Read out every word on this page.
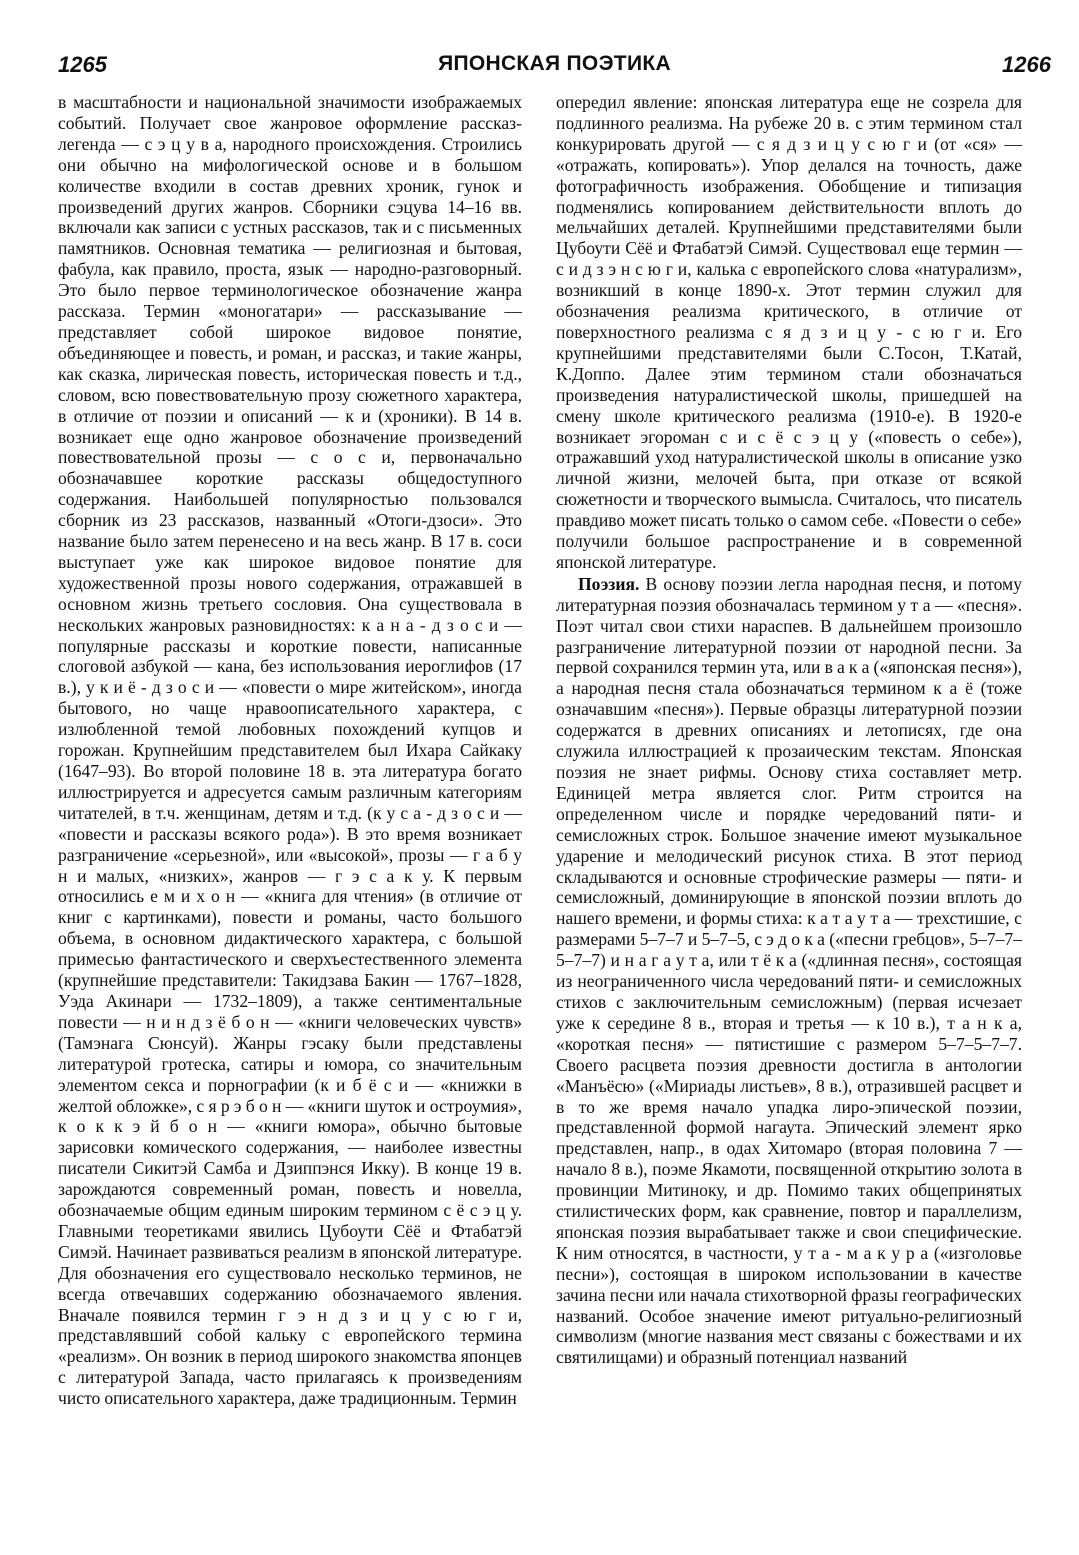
1265	ЯПОНСКАЯ ПОЭТИКА	1266

в масштабности и национальной значимости изображаемых событий. Получает свое жанровое оформление рассказ-легенда — с э ц у в а, народного происхождения. Строились они обычно на мифологической основе и в большом количестве входили в состав древних хроник, гунок и произведений других жанров. Сборники сэцува 14–16 вв. включали как записи с устных рассказов, так и с письменных памятников. Основная тематика — религиозная и бытовая, фабула, как правило, проста, язык — народно-разговорный. Это было первое терминологическое обозначение жанра рассказа. Термин «моногатари» — рассказывание — представляет собой широкое видовое понятие, объединяющее и повесть, и роман, и рассказ, и такие жанры, как сказка, лирическая повесть, историческая повесть и т.д., словом, всю повествовательную прозу сюжетного характера, в отличие от поэзии и описаний — к и (хроники). В 14 в. возникает еще одно жанровое обозначение произведений повествовательной прозы — с о с и, первоначально обозначавшее короткие рассказы общедоступного содержания. Наибольшей популярностью пользовался сборник из 23 рассказов, названный «Отоги-дзоси». Это название было затем перенесено и на весь жанр. В 17 в. соси выступает уже как широкое видовое понятие для художественной прозы нового содержания, отражавшей в основном жизнь третьего сословия. Она существовала в нескольких жанровых разновидностях: к а н а - д з о с и — популярные рассказы и короткие повести, написанные слоговой азбукой — кана, без использования иероглифов (17 в.), у к и ё - д з о с и — «повести о мире житейском», иногда бытового, но чаще нравоописательного характера, с излюбленной темой любовных похождений купцов и горожан. Крупнейшим представителем был Ихара Сайкаку (1647–93). Во второй половине 18 в. эта литература богато иллюстрируется и адресуется самым различным категориям читателей, в т.ч. женщинам, детям и т.д. (к у с а - д з о с и — «повести и рассказы всякого рода»). В это время возникает разграничение «серьезной», или «высокой», прозы — г а б у н и малых, «низких», жанров — г э с а к у. К первым относились е м и х о н — «книга для чтения» (в отличие от книг с картинками), повести и романы, часто большого объема, в основном дидактического характера, с большой примесью фантастического и сверхъестественного элемента (крупнейшие представители: Такидзава Бакин — 1767–1828, Уэда Акинари — 1732–1809), а также сентиментальные повести — н и н д з ё б о н — «книги человеческих чувств» (Тамэнага Сюнсуй). Жанры гэсаку были представлены литературой гротеска, сатиры и юмора, со значительным элементом секса и порнографии (к и б ё с и — «книжки в желтой обложке», с я р э б о н — «книги шуток и остроумия», к о к к э й б о н — «книги юмора», обычно бытовые зарисовки комического содержания, — наиболее известны писатели Сикитэй Самба и Дзиппэнся Икку). В конце 19 в. зарождаются современный роман, повесть и новелла, обозначаемые общим единым широким термином с ё с э ц у. Главными теоретиками явились Цубоути Сёё и Фтабатэй Симэй. Начинает развиваться реализм в японской литературе. Для обозначения его существовало несколько терминов, не всегда отвечавших содержанию обозначаемого явления. Вначале появился термин г э н д з и ц у с ю г и, представлявший собой кальку с европейского термина «реализм». Он возник в период широкого знакомства японцев с литературой Запада, часто прилагаясь к произведениям чисто описательного характера, даже традиционным. Термин

опередил явление: японская литература еще не созрела для подлинного реализма. На рубеже 20 в. с этим термином стал конкурировать другой — с я д з и ц у с ю г и (от «ся» — «отражать, копировать»). Упор делался на точность, даже фотографичность изображения. Обобщение и типизация подменялись копированием действительности вплоть до мельчайших деталей. Крупнейшими представителями были Цубоути Сёё и Фтабатэй Симэй. Существовал еще термин — с и д з э н с ю г и, калька с европейского слова «натурализм», возникший в конце 1890-х. Этот термин служил для обозначения реализма критического, в отличие от поверхностного реализма с я д з и ц у - с ю г и. Его крупнейшими представителями были С.Тосон, Т.Катай, К.Доппо. Далее этим термином стали обозначаться произведения натуралистической школы, пришедшей на смену школе критического реализма (1910-е). В 1920-е возникает эгороман с и с ё с э ц у («повесть о себе»), отражавший уход натуралистической школы в описание узко личной жизни, мелочей быта, при отказе от всякой сюжетности и творческого вымысла. Считалось, что писатель правдиво может писать только о самом себе. «Повести о себе» получили большое распространение и в современной японской литературе.

Поэзия. В основу поэзии легла народная песня, и потому литературная поэзия обозначалась термином у т а — «песня». Поэт читал свои стихи нараспев. В дальнейшем произошло разграничение литературной поэзии от народной песни. За первой сохранился термин ута, или в а к а («японская песня»), а народная песня стала обозначаться термином к а ё (тоже означавшим «песня»). Первые образцы литературной поэзии содержатся в древних описаниях и летописях, где она служила иллюстрацией к прозаическим текстам. Японская поэзия не знает рифмы. Основу стиха составляет метр. Единицей метра является слог. Ритм строится на определенном числе и порядке чередований пяти- и семисложных строк. Большое значение имеют музыкальное ударение и мелодический рисунок стиха. В этот период складываются и основные строфические размеры — пяти- и семисложный, доминирующие в японской поэзии вплоть до нашего времени, и формы стиха: к а т а у т а — трехстишие, с размерами 5–7–7 и 5–7–5, с э д о к а («песни гребцов», 5–7–7–5–7–7) и н а г а у т а, или т ё к а («длинная песня», состоящая из неограниченного числа чередований пяти- и семисложных стихов с заключительным семисложным) (первая исчезает уже к середине 8 в., вторая и третья — к 10 в.), т а н к а, «короткая песня» — пятистишие с размером 5–7–5–7–7. Своего расцвета поэзия древности достигла в антологии «Манъёсю» («Мириады листьев», 8 в.), отразившей расцвет и в то же время начало упадка лиро-эпической поэзии, представленной формой нагаута. Эпический элемент ярко представлен, напр., в одах Хитомаро (вторая половина 7 — начало 8 в.), поэме Якамоти, посвященной открытию золота в провинции Митиноку, и др. Помимо таких общепринятых стилистических форм, как сравнение, повтор и параллелизм, японская поэзия вырабатывает также и свои специфические. К ним относятся, в частности, у т а - м а к у р а («изголовье песни»), состоящая в широком использовании в качестве зачина песни или начала стихотворной фразы географических названий. Особое значение имеют ритуально-религиозный символизм (многие названия мест связаны с божествами и их святилищами) и образный потенциал названий
